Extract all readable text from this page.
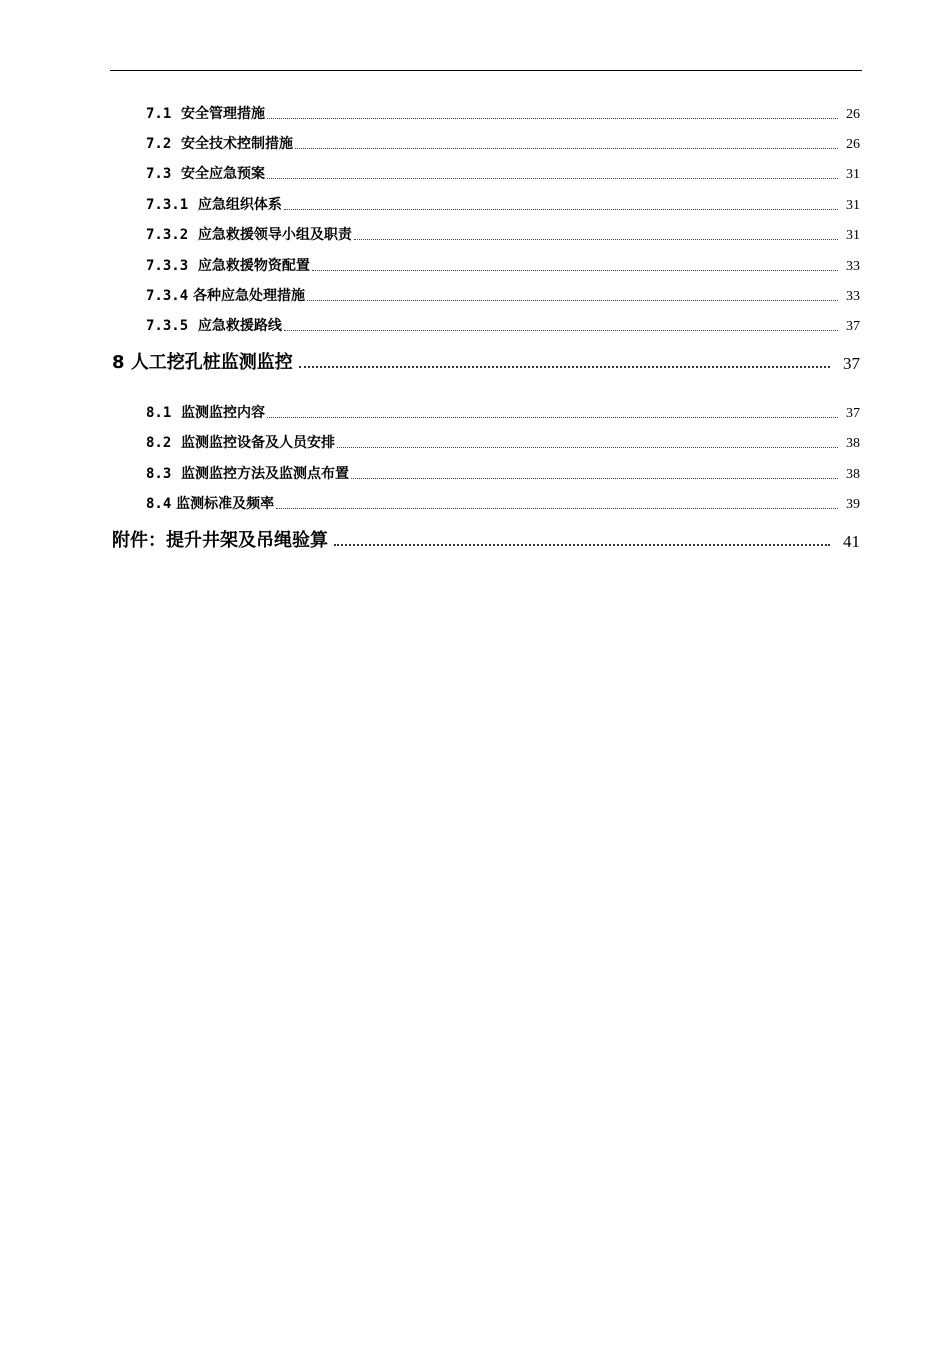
7.1 安全管理措施	26
7.2 安全技术控制措施	26
7.3 安全应急预案	31
7.3.1 应急组织体系	31
7.3.2 应急救援领导小组及职责	31
7.3.3 应急救援物资配置	33
7.3.4 各种应急处理措施	33
7.3.5 应急救援路线	37
8 人工挖孔桩监测监控	37
8.1 监测监控内容	37
8.2 监测监控设备及人员安排	38
8.3 监测监控方法及监测点布置	38
8.4 监测标准及频率	39
附件：提升井架及吊绳验算	41
